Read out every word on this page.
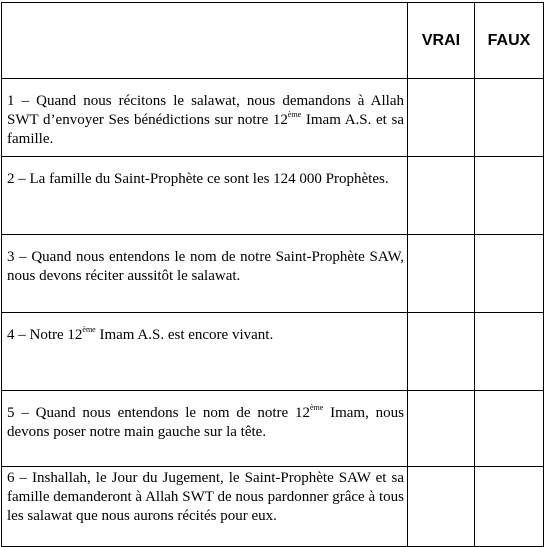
	VRAI	FAUX

1 – Quand nous récitons le salawat, nous demandons à Allah SWT d’envoyer Ses bénédictions sur notre 12ème Imam A.S. et sa famille.		

2 – La famille du Saint-Prophète ce sont les 124 000 Prophètes.		

3 – Quand nous entendons le nom de notre Saint-Prophète SAW, nous devons réciter aussitôt le salawat.		

4 – Notre 12ème Imam A.S. est encore vivant.		

5 – Quand nous entendons le nom de notre 12ème Imam, nous devons poser notre main gauche sur la tête.		

6 – Inshallah, le Jour du Jugement, le Saint-Prophète SAW et sa famille demanderont à Allah SWT de nous pardonner grâce à tous les salawat que nous aurons récités pour eux.		
